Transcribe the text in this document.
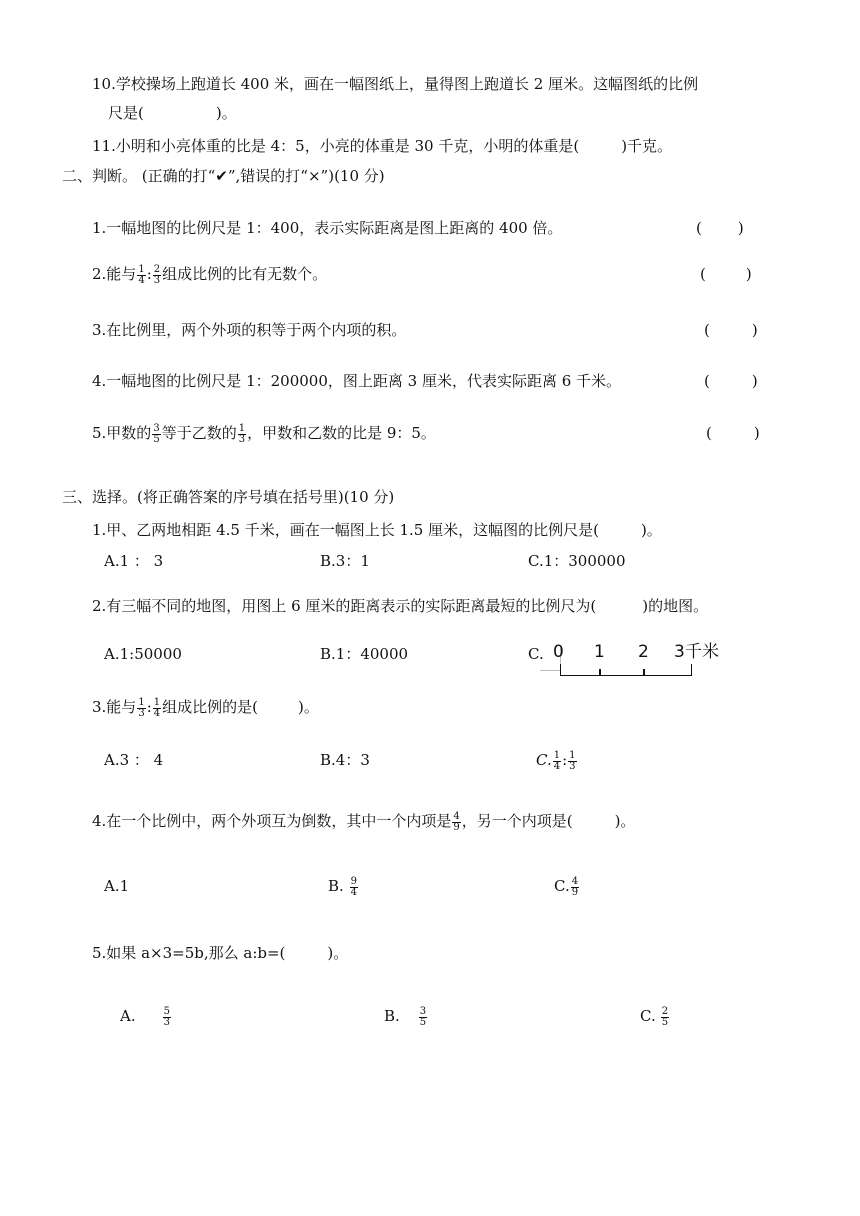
10.学校操场上跑道长 400 米，画在一幅图纸上，量得图上跑道长 2 厘米。这幅图纸的比例
尺是(	)。
11.小明和小亮体重的比是 4：5，小亮的体重是 30 千克，小明的体重是(	)千克。
二、判断。 (正确的打“✔”,错误的打“×”)(10 分)
1.一幅地图的比例尺是 1：400，表示实际距离是图上距离的 400 倍。	( )
2.能与 $\frac{1}{4}$ : $\frac{2}{3}$ 组成比例的比有无数个。	(	)
3.在比例里，两个外项的积等于两个内项的积。	(	)
4.一幅地图的比例尺是 1：200000，图上距离 3 厘米，代表实际距离 6 千米。	(	)
5.甲数的 $\frac{3}{5}$ 等于乙数的 $\frac{1}{3}$ ，甲数和乙数的比是 9：5。	(	)
三、选择。(将正确答案的序号填在括号里)(10 分)
1.甲、乙两地相距 4.5 千米，画在一幅图上长 1.5 厘米，这幅图的比例尺是(	)。
A.1 ： 3	B.3：1	C.1：300000
2.有三幅不同的地图，用图上 6 厘米的距离表示的实际距离最短的比例尺为(	)的地图。
A.1:50000	B.1：40000	C. 0 1 2 3 千米
3.能与 $\frac{1}{3}$ : $\frac{1}{4}$ 组成比例的是(	)。
A.3 ： 4	B.4：3	C. $\frac{1}{4}$ : $\frac{1}{3}$
4.在一个比例中，两个外项互为倒数，其中一个内项是 $\frac{4}{9}$ ，另一个内项是(	)。
A.1	B. $\frac{9}{4}$	C. $\frac{4}{9}$
5.如果 a×3=5b,那么 a:b=(	)。
A.	$\frac{5}{3}$	B. $\frac{3}{5}$	C. $\frac{2}{5}$
